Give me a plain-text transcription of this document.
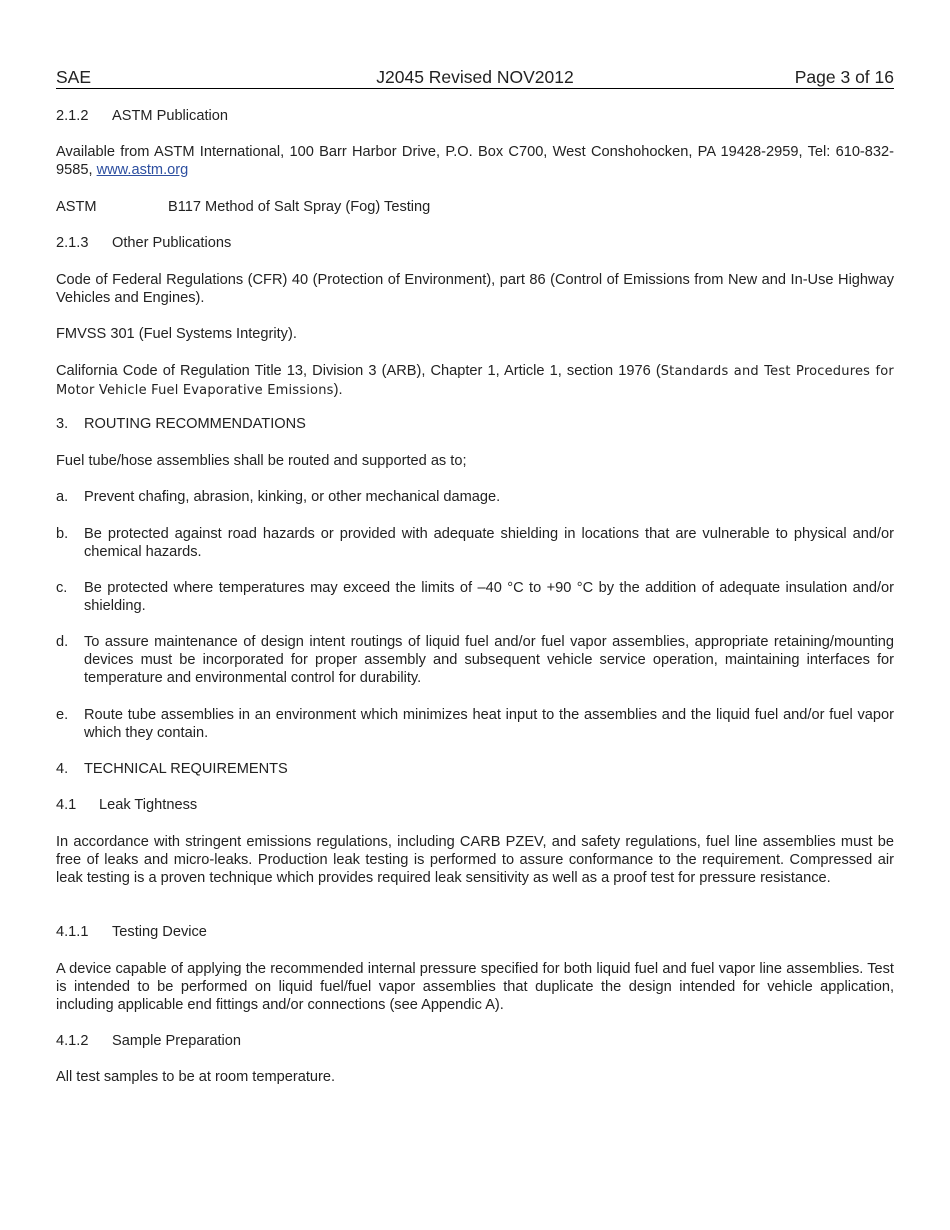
SAE	J2045 Revised NOV2012	Page 3 of 16
2.1.2 ASTM Publication
Available from ASTM International, 100 Barr Harbor Drive, P.O. Box C700, West Conshohocken, PA 19428-2959, Tel: 610-832-9585, www.astm.org
ASTM	B117 Method of Salt Spray (Fog) Testing
2.1.3 Other Publications
Code of Federal Regulations (CFR) 40 (Protection of Environment), part 86 (Control of Emissions from New and In-Use Highway Vehicles and Engines).
FMVSS 301 (Fuel Systems Integrity).
California Code of Regulation Title 13, Division 3 (ARB), Chapter 1, Article 1, section 1976 (Standards and Test Procedures for Motor Vehicle Fuel Evaporative Emissions).
3. ROUTING RECOMMENDATIONS
Fuel tube/hose assemblies shall be routed and supported as to;
a.	Prevent chafing, abrasion, kinking, or other mechanical damage.
b.	Be protected against road hazards or provided with adequate shielding in locations that are vulnerable to physical and/or chemical hazards.
c.	Be protected where temperatures may exceed the limits of –40 °C to +90 °C by the addition of adequate insulation and/or shielding.
d.	To assure maintenance of design intent routings of liquid fuel and/or fuel vapor assemblies, appropriate retaining/mounting devices must be incorporated for proper assembly and subsequent vehicle service operation, maintaining interfaces for temperature and environmental control for durability.
e.	Route tube assemblies in an environment which minimizes heat input to the assemblies and the liquid fuel and/or fuel vapor which they contain.
4. TECHNICAL REQUIREMENTS
4.1 Leak Tightness
In accordance with stringent emissions regulations, including CARB PZEV, and safety regulations, fuel line assemblies must be free of leaks and micro-leaks. Production leak testing is performed to assure conformance to the requirement. Compressed air leak testing is a proven technique which provides required leak sensitivity as well as a proof test for pressure resistance.
4.1.1 Testing Device
A device capable of applying the recommended internal pressure specified for both liquid fuel and fuel vapor line assemblies. Test is intended to be performed on liquid fuel/fuel vapor assemblies that duplicate the design intended for vehicle application, including applicable end fittings and/or connections (see Appendic A).
4.1.2 Sample Preparation
All test samples to be at room temperature.
